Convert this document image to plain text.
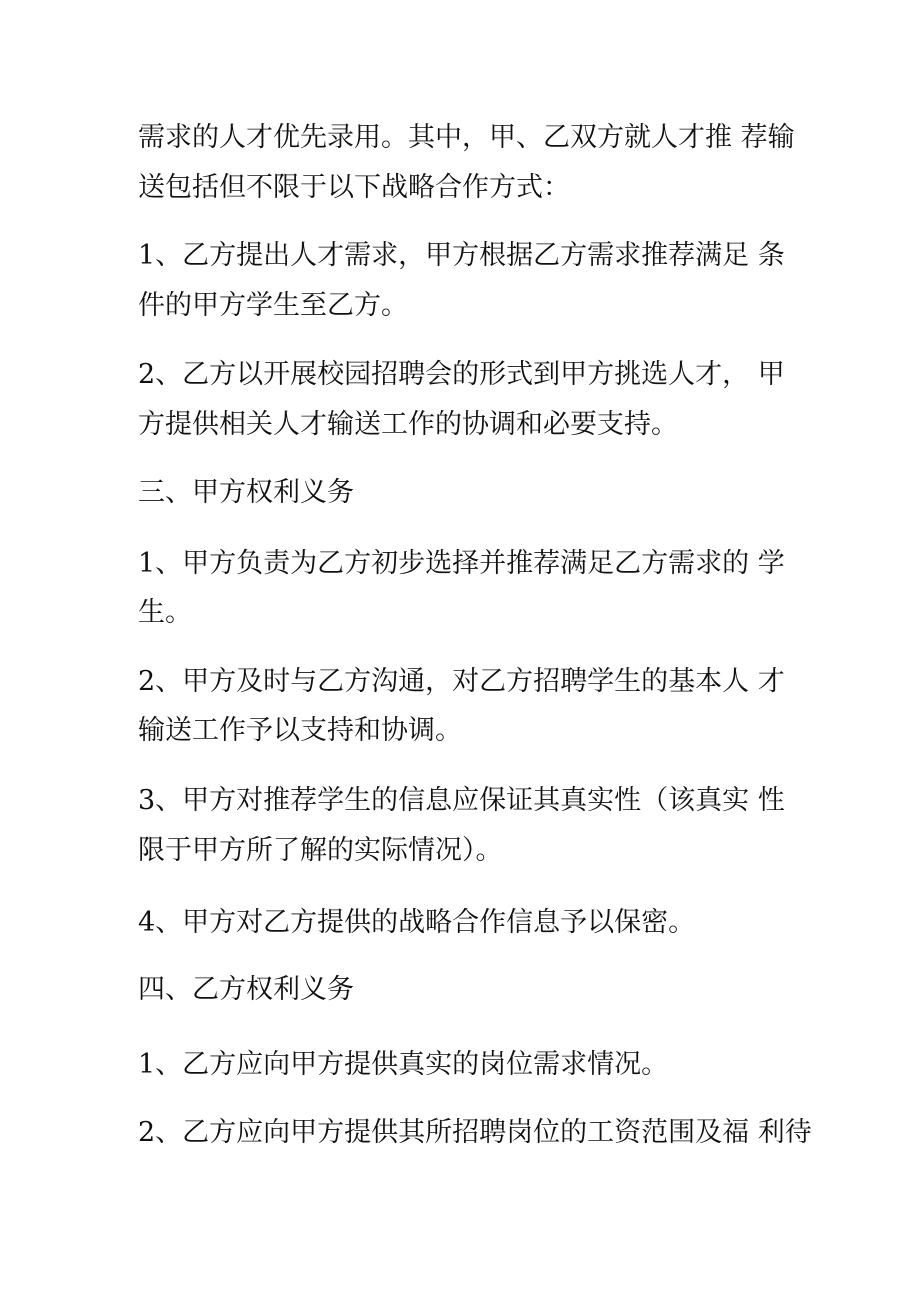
需求的人才优先录用。其中，甲、乙双方就人才推 荐输
送包括但不限于以下战略合作方式：
1、乙方提出人才需求，甲方根据乙方需求推荐满足 条
件的甲方学生至乙方。
2、乙方以开展校园招聘会的形式到甲方挑选人才， 甲
方提供相关人才输送工作的协调和必要支持。
三、甲方权利义务
1、甲方负责为乙方初步选择并推荐满足乙方需求的 学
生。
2、甲方及时与乙方沟通，对乙方招聘学生的基本人 才
输送工作予以支持和协调。
3、甲方对推荐学生的信息应保证其真实性（该真实 性
限于甲方所了解的实际情况）。
4、甲方对乙方提供的战略合作信息予以保密。
四、乙方权利义务
1、乙方应向甲方提供真实的岗位需求情况。
2、乙方应向甲方提供其所招聘岗位的工资范围及福 利待
